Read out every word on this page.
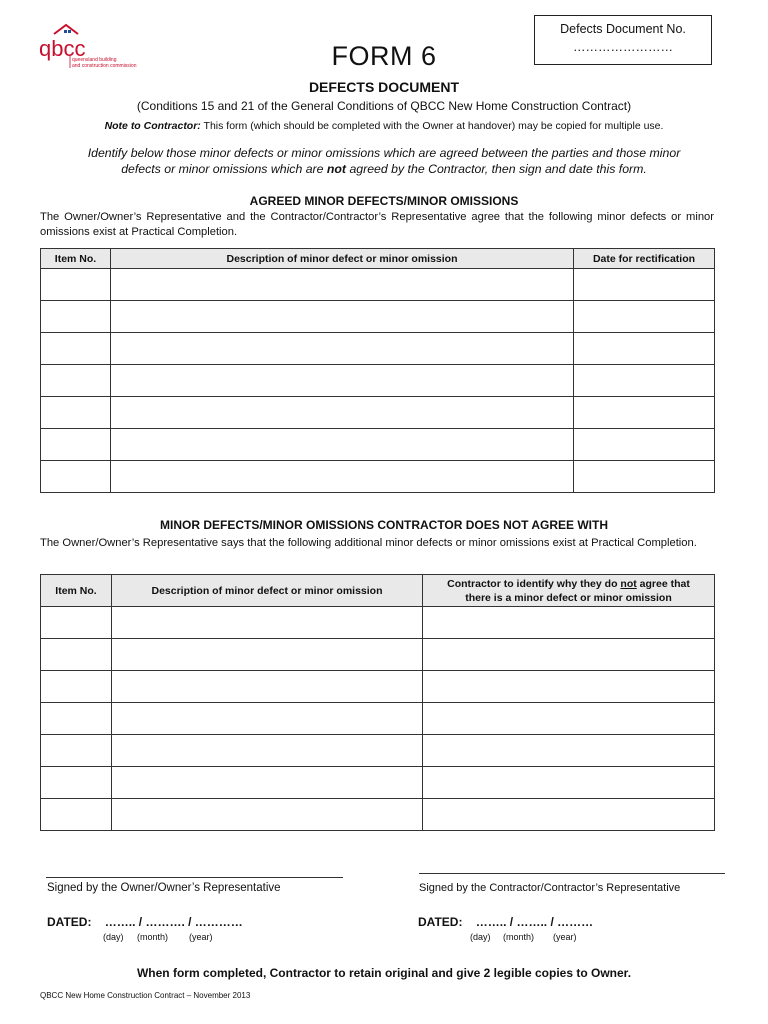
Defects Document No.
……………………
qbcc
queensland building
and construction commission	FORM 6
DEFECTS DOCUMENT
(Conditions 15 and 21 of the General Conditions of QBCC New Home Construction Contract)
Note to Contractor: This form (which should be completed with the Owner at handover) may be copied for multiple use.
Identify below those minor defects or minor omissions which are agreed between the parties and those minor
defects or minor omissions which are not agreed by the Contractor, then sign and date this form.
AGREED MINOR DEFECTS/MINOR OMISSIONS
The Owner/Owner’s Representative and the Contractor/Contractor’s Representative agree that the following minor defects or minor omissions exist at Practical Completion.
Item No.	Description of minor defect or minor omission	Date for rectification

MINOR DEFECTS/MINOR OMISSIONS CONTRACTOR DOES NOT AGREE WITH
The Owner/Owner’s Representative says that the following additional minor defects or minor omissions exist at Practical Completion.
Item No.	Description of minor defect or minor omission	Contractor to identify why they do not agree that
there is a minor defect or minor omission

Signed by the Owner/Owner’s Representative	Signed by the Contractor/Contractor’s Representative
DATED: …….. / ………. / …………
(day) (month) (year)
DATED: …….. / …….. / ………
(day) (month) (year)
When form completed, Contractor to retain original and give 2 legible copies to Owner.
QBCC New Home Construction Contract – November 2013
